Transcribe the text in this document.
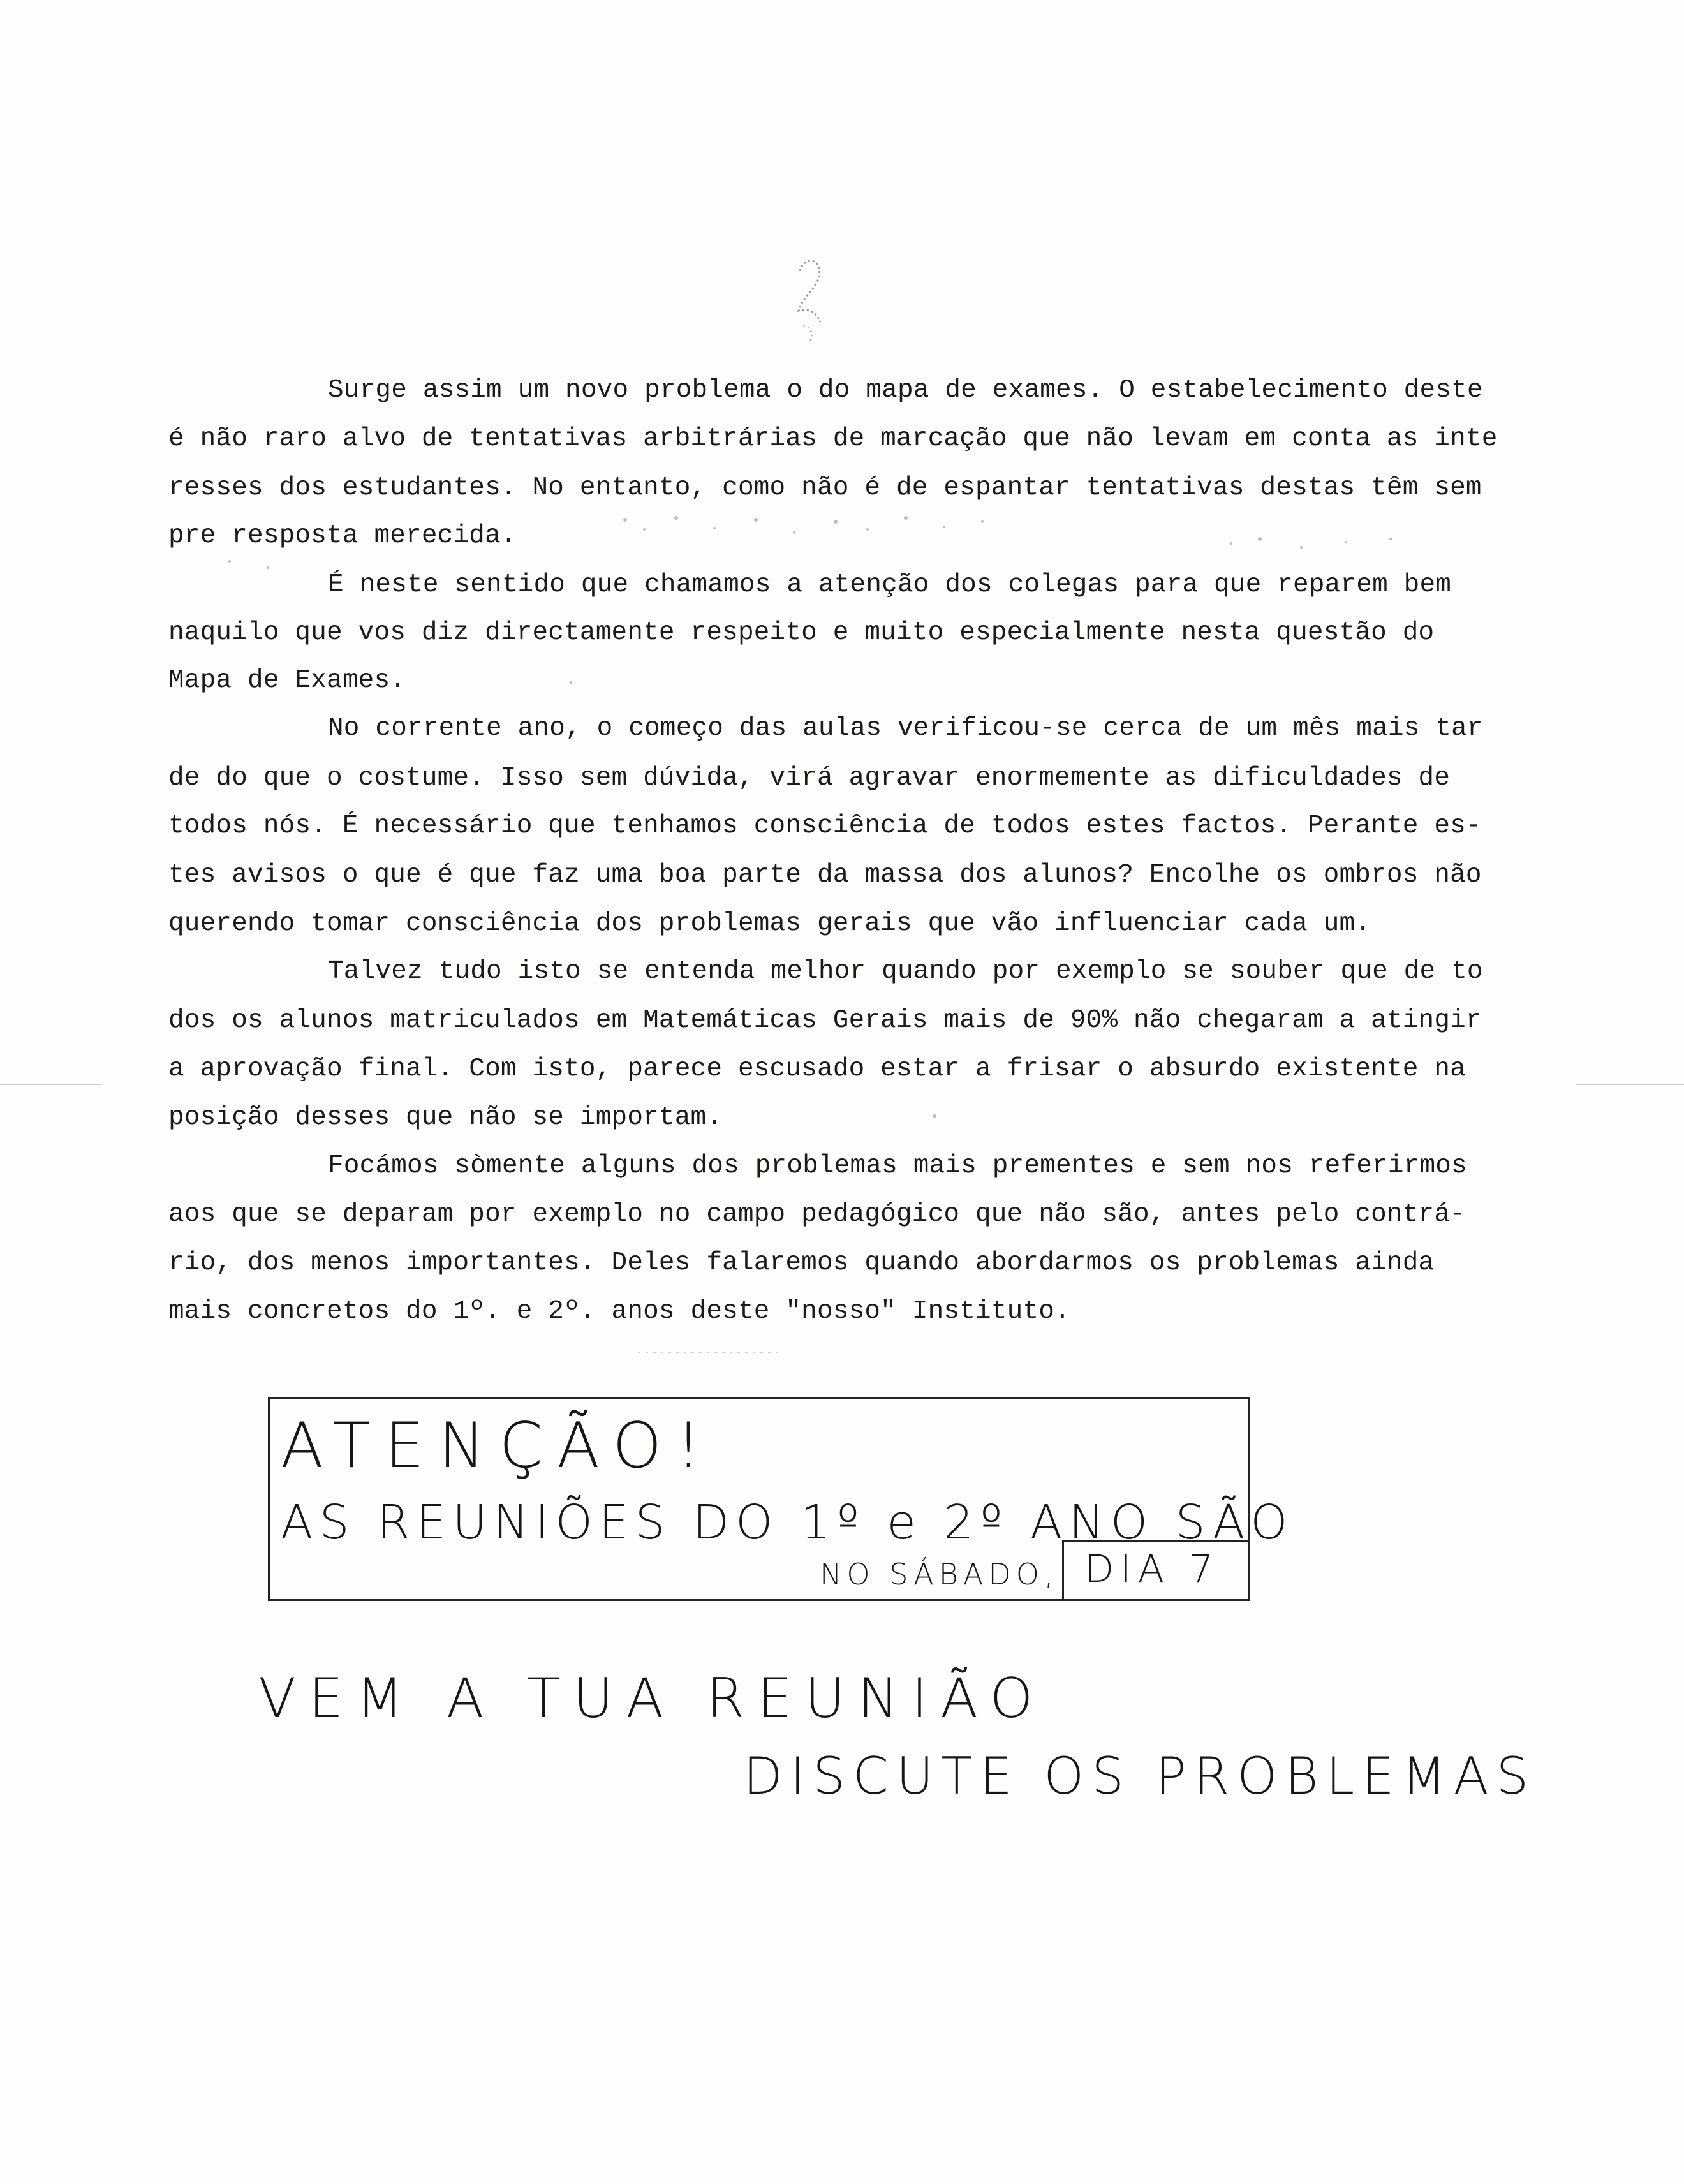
Surge assim um novo problema o do mapa de exames. O estabelecimento deste
é não raro alvo de tentativas arbitrárias de marcação que não levam em conta as inte
resses dos estudantes. No entanto, como não é de espantar tentativas destas têm sem
pre resposta merecida.
É neste sentido que chamamos a atenção dos colegas para que reparem bem
naquilo que vos diz directamente respeito e muito especialmente nesta questão do
Mapa de Exames.
No corrente ano, o começo das aulas verificou-se cerca de um mês mais tar
de do que o costume. Isso sem dúvida, virá agravar enormemente as dificuldades de
todos nós. É necessário que tenhamos consciência de todos estes factos. Perante es-
tes avisos o que é que faz uma boa parte da massa dos alunos? Encolhe os ombros não
querendo tomar consciência dos problemas gerais que vão influenciar cada um.
Talvez tudo isto se entenda melhor quando por exemplo se souber que de to
dos os alunos matriculados em Matemáticas Gerais mais de 90% não chegaram a atingir
a aprovação final. Com isto, parece escusado estar a frisar o absurdo existente na
posição desses que não se importam.
Focámos sòmente alguns dos problemas mais prementes e sem nos referirmos
aos que se deparam por exemplo no campo pedagógico que não são, antes pelo contrá-
rio, dos menos importantes. Deles falaremos quando abordarmos os problemas ainda
mais concretos do 1º. e 2º. anos deste "nosso" Instituto.
ATENÇÃO!
AS REUNIÕES DO 1º e 2º ANO SÃO
NO SÁBADO, DIA 7
VEM A TUA REUNIÃO
DISCUTE OS PROBLEMAS
